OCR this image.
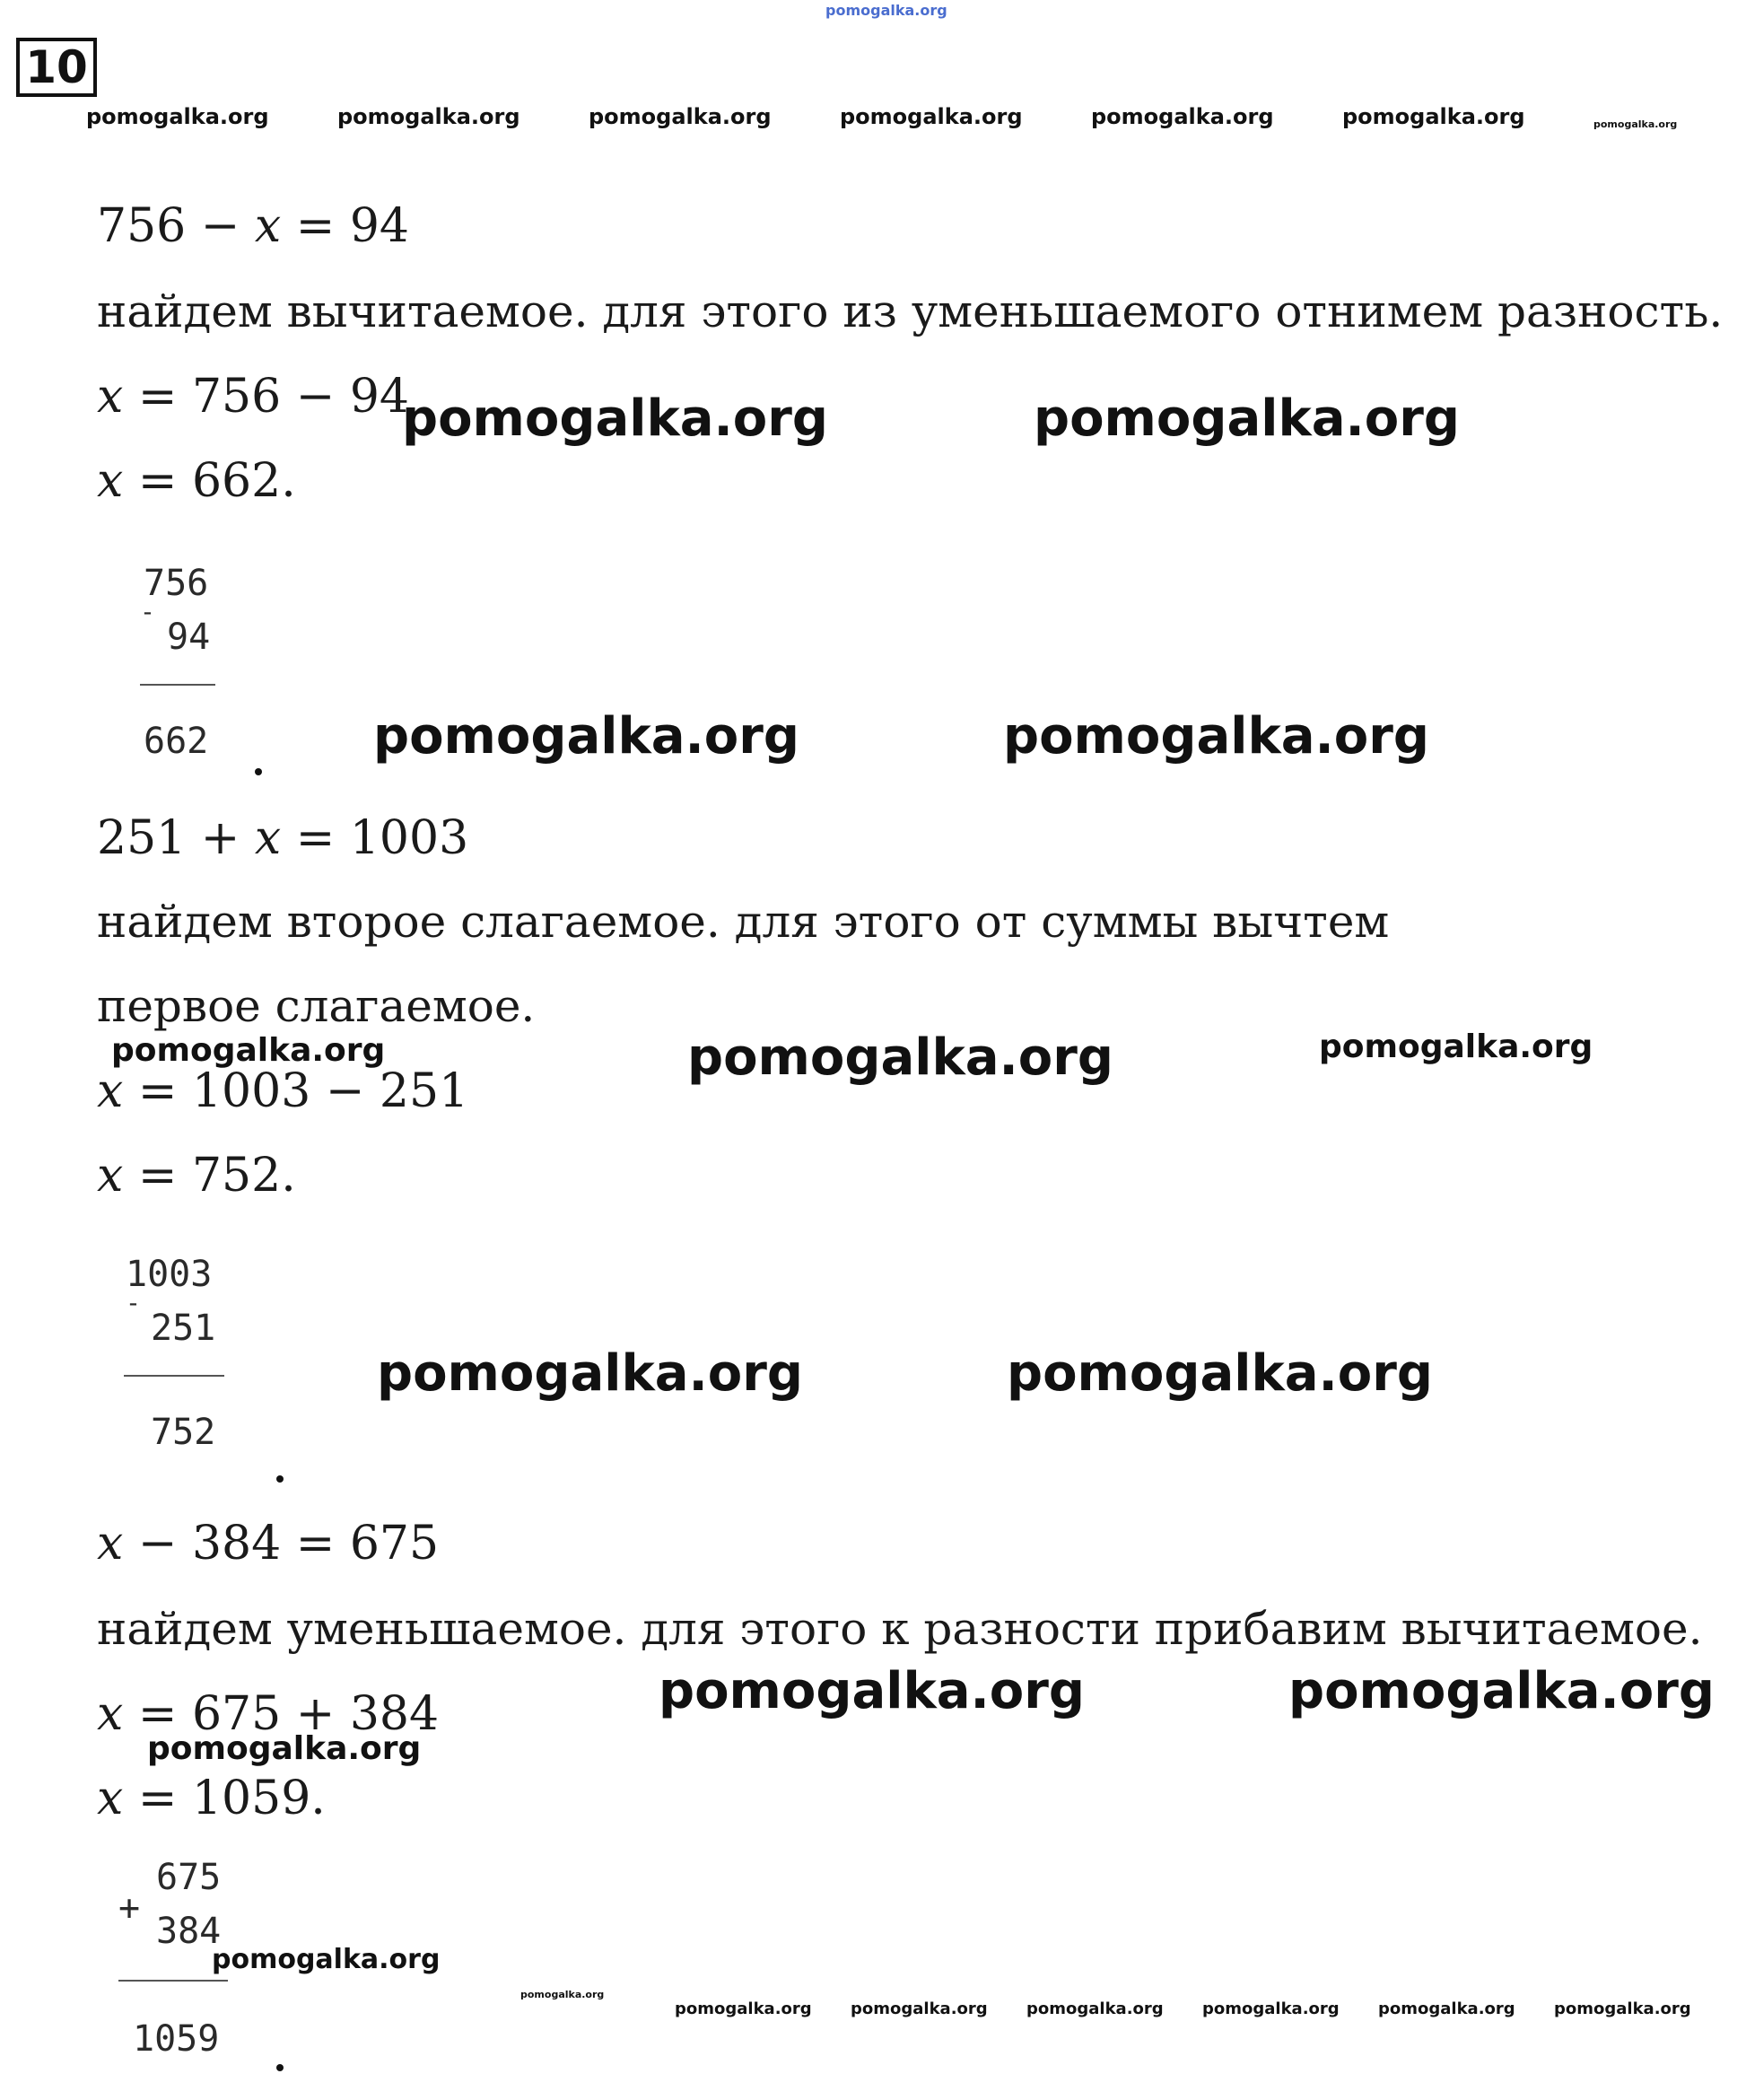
pomogalka.org
10
pomogalka.org	pomogalka.org	pomogalka.org	pomogalka.org	pomogalka.org	pomogalka.org	pomogalka.org
756 − x = 94
найдем вычитаемое. для этого из уменьшаемого отнимем разность.
x = 756 − 94
x = 662.
pomogalka.org	pomogalka.org
756
-
94
662	pomogalka.org	pomogalka.org
251 + x = 1003
найдем второе слагаемое. для этого от суммы вычтем
первое слагаемое.
x = 1003 − 251
x = 752.
pomogalka.org	pomogalka.org	pomogalka.org
1003
-
251
752
pomogalka.org	pomogalka.org
x − 384 = 675
найдем уменьшаемое. для этого к разности прибавим вычитаемое.
x = 675 + 384
x = 1059.
pomogalka.org	pomogalka.org
pomogalka.org
675
+
384
1059
pomogalka.org
pomogalka.org
pomogalka.org pomogalka.org pomogalka.org pomogalka.org pomogalka.org pomogalka.org
